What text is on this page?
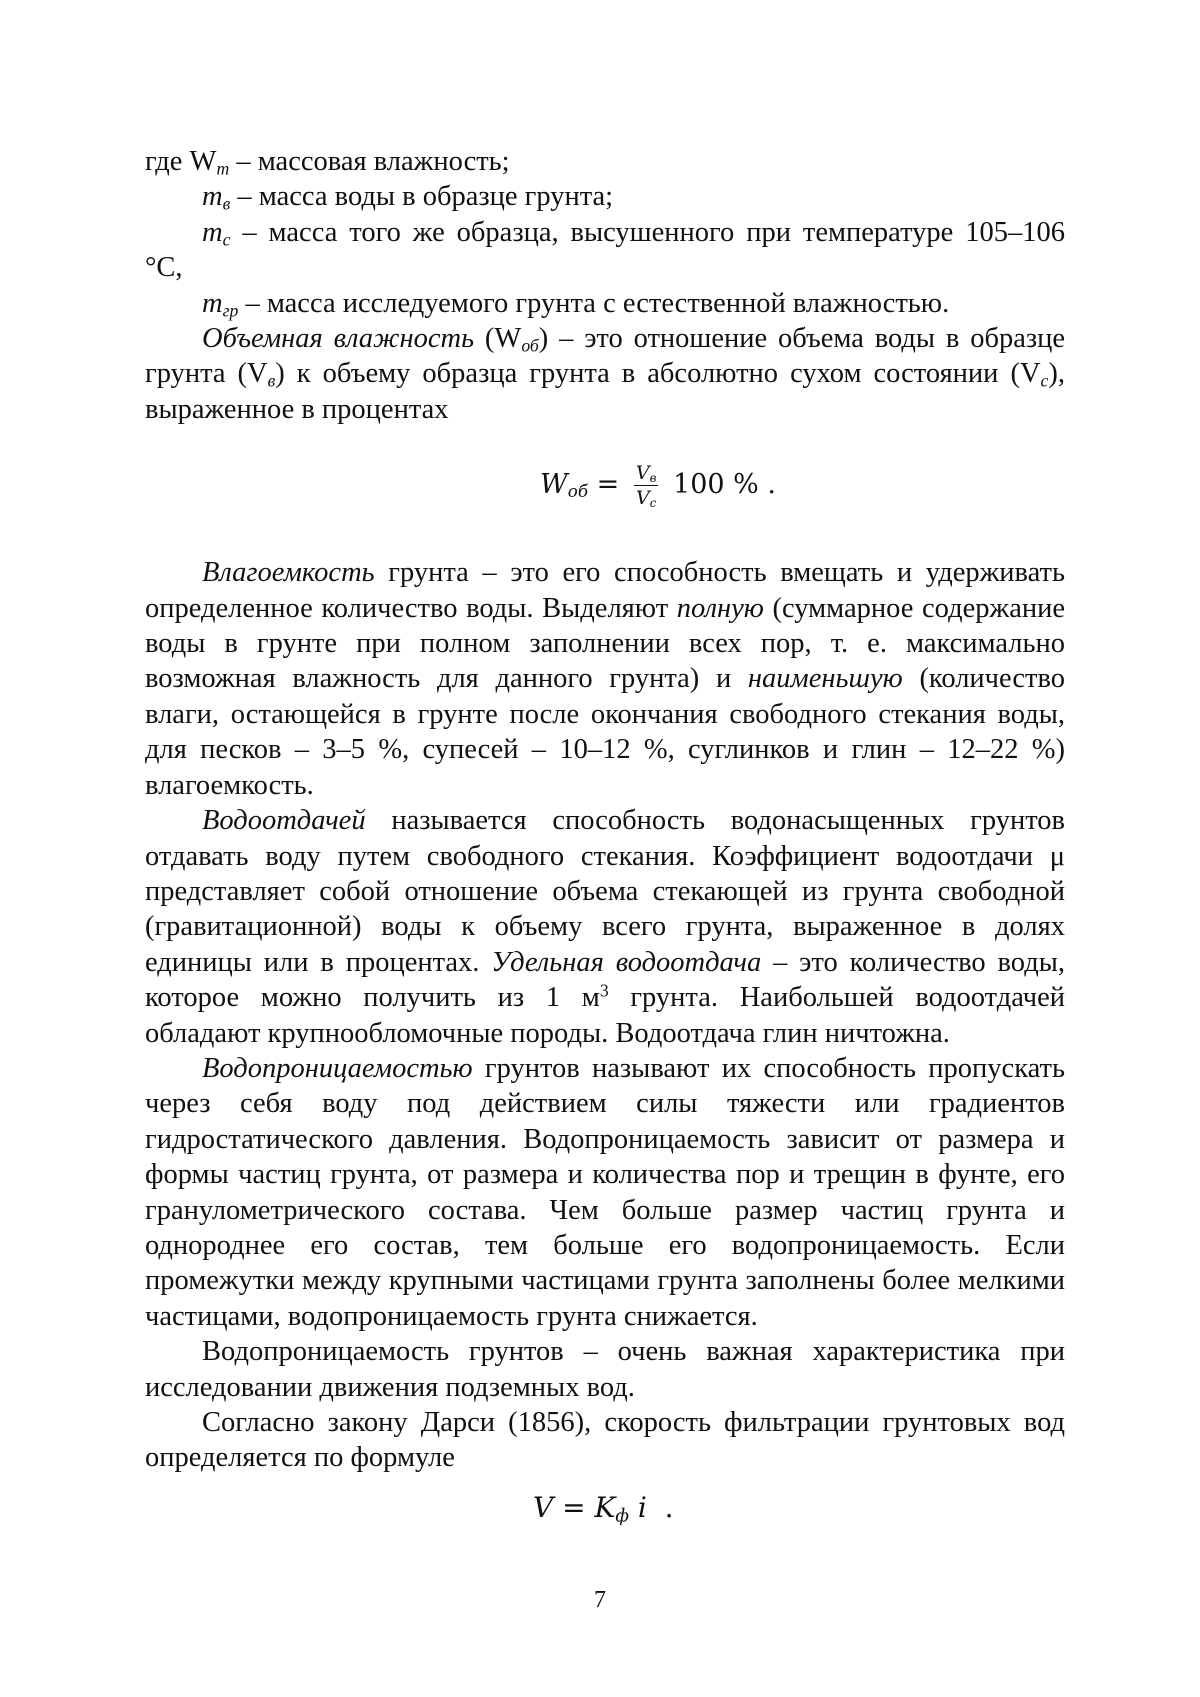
где $W_m$ – массовая влажность;

$m_в$ – масса воды в образце грунта;

$m_c$ – масса того же образца, высушенного при температуре 105–106 °С,

$m_{гр}$ – масса исследуемого грунта с естественной влажностью.

Объемная влажность $(W_{об})$ – это отношение объема воды в образце грунта $(V_в)$ к объему образца грунта в абсолютно сухом состоянии $(V_c)$, выраженное в процентах

Влагоемкость грунта – это его способность вмещать и удерживать определенное количество воды. Выделяют полную (суммарное содержание воды в грунте при полном заполнении всех пор, т. е. максимально возможная влажность для данного грунта) и наименьшую (количество влаги, остающейся в грунте после окончания свободного стекания воды, для песков – 3–5 %, супесей – 10–12 %, суглинков и глин – 12–22 %) влагоемкость.

Водоотдачей называется способность водонасыщенных грунтов отдавать воду путем свободного стекания. Коэффициент водоотдачи μ представляет собой отношение объема стекающей из грунта свободной (гравитационной) воды к объему всего грунта, выраженное в долях единицы или в процентах. Удельная водоотдача – это количество воды, которое можно получить из 1 $м^3$ грунта. Наибольшей водоотдачей обладают крупнообломочные породы. Водоотдача глин ничтожна.

Водопроницаемостью грунтов называют их способность пропускать через себя воду под действием силы тяжести или градиентов гидростатического давления. Водопроницаемость зависит от размера и формы частиц грунта, от размера и количества пор и трещин в фунте, его гранулометрического состава. Чем больше размер частиц грунта и однороднее его состав, тем больше его водопроницаемость. Если промежутки между крупными частицами грунта заполнены более мелкими частицами, водопроницаемость грунта снижается.

Водопроницаемость грунтов – очень важная характеристика при исследовании движения подземных вод.

Согласно закону Дарси (1856), скорость фильтрации грунтовых вод определяется по формуле

$W_{об} = \frac{V_в}{V_c} 100$ % .
$V = K_ф$ i  .
7
